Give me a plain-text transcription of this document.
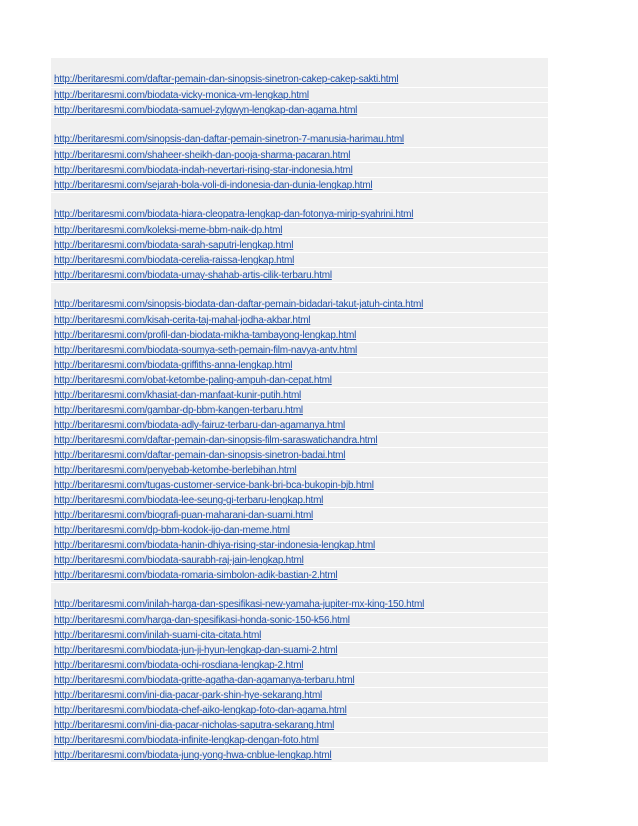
http://beritaresmi.com/daftar-pemain-dan-sinopsis-sinetron-cakep-cakep-sakti.html
http://beritaresmi.com/biodata-vicky-monica-vm-lengkap.html
http://beritaresmi.com/biodata-samuel-zylgwyn-lengkap-dan-agama.html
http://beritaresmi.com/sinopsis-dan-daftar-pemain-sinetron-7-manusia-harimau.html
http://beritaresmi.com/shaheer-sheikh-dan-pooja-sharma-pacaran.html
http://beritaresmi.com/biodata-indah-nevertari-rising-star-indonesia.html
http://beritaresmi.com/sejarah-bola-voli-di-indonesia-dan-dunia-lengkap.html
http://beritaresmi.com/biodata-hiara-cleopatra-lengkap-dan-fotonya-mirip-syahrini.html
http://beritaresmi.com/koleksi-meme-bbm-naik-dp.html
http://beritaresmi.com/biodata-sarah-saputri-lengkap.html
http://beritaresmi.com/biodata-cerelia-raissa-lengkap.html
http://beritaresmi.com/biodata-umay-shahab-artis-cilik-terbaru.html
http://beritaresmi.com/sinopsis-biodata-dan-daftar-pemain-bidadari-takut-jatuh-cinta.html
http://beritaresmi.com/kisah-cerita-taj-mahal-jodha-akbar.html
http://beritaresmi.com/profil-dan-biodata-mikha-tambayong-lengkap.html
http://beritaresmi.com/biodata-soumya-seth-pemain-film-navya-antv.html
http://beritaresmi.com/biodata-griffiths-anna-lengkap.html
http://beritaresmi.com/obat-ketombe-paling-ampuh-dan-cepat.html
http://beritaresmi.com/khasiat-dan-manfaat-kunir-putih.html
http://beritaresmi.com/gambar-dp-bbm-kangen-terbaru.html
http://beritaresmi.com/biodata-adly-fairuz-terbaru-dan-agamanya.html
http://beritaresmi.com/daftar-pemain-dan-sinopsis-film-saraswatichandra.html
http://beritaresmi.com/daftar-pemain-dan-sinopsis-sinetron-badai.html
http://beritaresmi.com/penyebab-ketombe-berlebihan.html
http://beritaresmi.com/tugas-customer-service-bank-bri-bca-bukopin-bjb.html
http://beritaresmi.com/biodata-lee-seung-gi-terbaru-lengkap.html
http://beritaresmi.com/biografi-puan-maharani-dan-suami.html
http://beritaresmi.com/dp-bbm-kodok-ijo-dan-meme.html
http://beritaresmi.com/biodata-hanin-dhiya-rising-star-indonesia-lengkap.html
http://beritaresmi.com/biodata-saurabh-raj-jain-lengkap.html
http://beritaresmi.com/biodata-romaria-simbolon-adik-bastian-2.html
http://beritaresmi.com/inilah-harga-dan-spesifikasi-new-yamaha-jupiter-mx-king-150.html
http://beritaresmi.com/harga-dan-spesifikasi-honda-sonic-150-k56.html
http://beritaresmi.com/inilah-suami-cita-citata.html
http://beritaresmi.com/biodata-jun-ji-hyun-lengkap-dan-suami-2.html
http://beritaresmi.com/biodata-ochi-rosdiana-lengkap-2.html
http://beritaresmi.com/biodata-gritte-agatha-dan-agamanya-terbaru.html
http://beritaresmi.com/ini-dia-pacar-park-shin-hye-sekarang.html
http://beritaresmi.com/biodata-chef-aiko-lengkap-foto-dan-agama.html
http://beritaresmi.com/ini-dia-pacar-nicholas-saputra-sekarang.html
http://beritaresmi.com/biodata-infinite-lengkap-dengan-foto.html
http://beritaresmi.com/biodata-jung-yong-hwa-cnblue-lengkap.html
